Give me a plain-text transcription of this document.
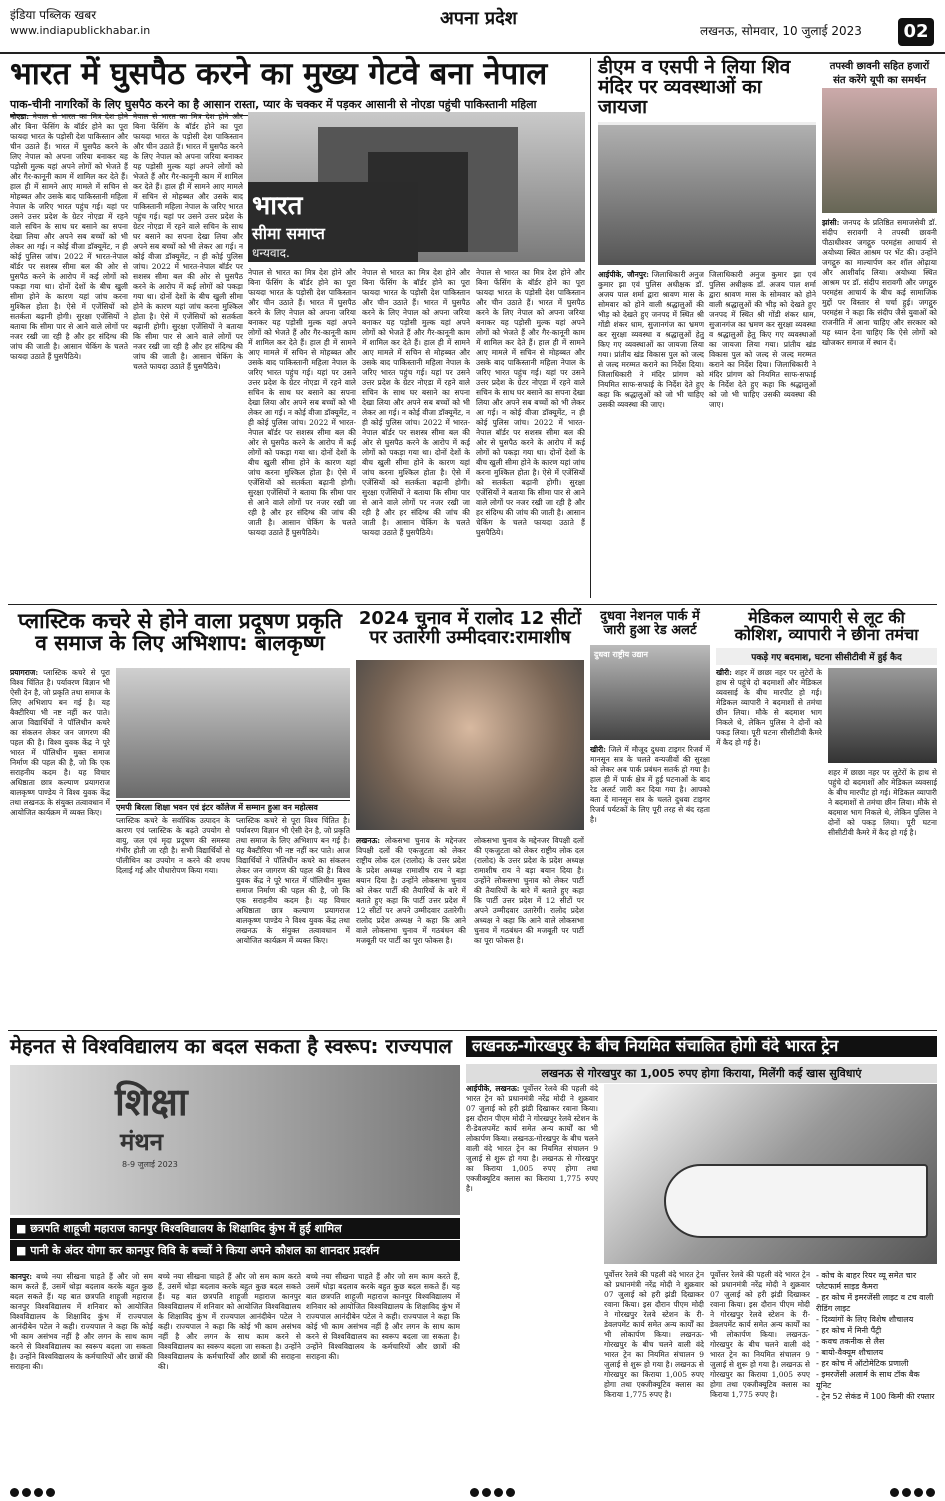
इंडिया पब्लिक खबर
www.indiapublickhabar.in
अपना प्रदेश
लखनऊ, सोमवार, 10 जुलाई 2023	02
भारत में घुसपैठ करने का मुख्य गेटवे बना नेपाल
पाक-चीनी नागरिकों के लिए घुसपैठ करने का है आसान रास्ता, प्यार के चक्कर में पड़कर आसानी से नोएडा पहुंची पाकिस्तानी महिला
नोएडा: नेपाल से भारत का मित्र देश होने और बिना फेंसिंग के बॉर्डर होने का पूरा फायदा भारत के पड़ोसी देश पाकिस्तान और चीन उठाते हैं। भारत में घुसपैठ करने के लिए नेपाल को अपना जरिया बनाकर यह पड़ोसी मुल्क यहां अपने लोगों को भेजते हैं और गैर-कानूनी काम में शामिल कर देते हैं। हाल ही में सामने आए मामले में सचिन से मोहब्बत और उसके बाद पाकिस्तानी महिला नेपाल के जरिए भारत पहुंच गई। यहां पर उसने उत्तर प्रदेश के ग्रेटर नोएडा में रहने वाले सचिन के साथ घर बसाने का सपना देखा लिया और अपने सब बच्चों को भी लेकर आ गई। न कोई वीजा डॉक्यूमेंट, न ही कोई पुलिस जांच। 2022 में भारत-नेपाल बॉर्डर पर सशस्त्र सीमा बल की ओर से घुसपैठ करने के आरोप में कई लोगों को पकड़ा गया था। दोनों देशों के बीच खुली सीमा होने के कारण यहां जांच करना मुश्किल होता है। ऐसे में एजेंसियों को सतर्कता बढ़ानी होगी। सुरक्षा एजेंसियों ने बताया कि सीमा पार से आने वाले लोगों पर नजर रखी जा रही है और हर संदिग्ध की जांच की जाती है। आसान चेकिंग के चलते फायदा उठाते हैं घुसपैठिये।
नेपाल से भारत का मित्र देश होने और बिना फेंसिंग के बॉर्डर होने का पूरा फायदा भारत के पड़ोसी देश पाकिस्तान और चीन उठाते हैं। भारत में घुसपैठ करने के लिए नेपाल को अपना जरिया बनाकर यह पड़ोसी मुल्क यहां अपने लोगों को भेजते हैं और गैर-कानूनी काम में शामिल कर देते हैं। हाल ही में सामने आए मामले में सचिन से मोहब्बत और उसके बाद पाकिस्तानी महिला नेपाल के जरिए भारत पहुंच गई। यहां पर उसने उत्तर प्रदेश के ग्रेटर नोएडा में रहने वाले सचिन के साथ घर बसाने का सपना देखा लिया और अपने सब बच्चों को भी लेकर आ गई। न कोई वीजा डॉक्यूमेंट, न ही कोई पुलिस जांच। 2022 में भारत-नेपाल बॉर्डर पर सशस्त्र सीमा बल की ओर से घुसपैठ करने के आरोप में कई लोगों को पकड़ा गया था। दोनों देशों के बीच खुली सीमा होने के कारण यहां जांच करना मुश्किल होता है। ऐसे में एजेंसियों को सतर्कता बढ़ानी होगी। सुरक्षा एजेंसियों ने बताया कि सीमा पार से आने वाले लोगों पर नजर रखी जा रही है और हर संदिग्ध की जांच की जाती है। आसान चेकिंग के चलते फायदा उठाते हैं घुसपैठिये।
भारत
सीमा समाप्त
धन्यवाद.
नेपाल से भारत का मित्र देश होने और बिना फेंसिंग के बॉर्डर होने का पूरा फायदा भारत के पड़ोसी देश पाकिस्तान और चीन उठाते हैं। भारत में घुसपैठ करने के लिए नेपाल को अपना जरिया बनाकर यह पड़ोसी मुल्क यहां अपने लोगों को भेजते हैं और गैर-कानूनी काम में शामिल कर देते हैं। हाल ही में सामने आए मामले में सचिन से मोहब्बत और उसके बाद पाकिस्तानी महिला नेपाल के जरिए भारत पहुंच गई। यहां पर उसने उत्तर प्रदेश के ग्रेटर नोएडा में रहने वाले सचिन के साथ घर बसाने का सपना देखा लिया और अपने सब बच्चों को भी लेकर आ गई। न कोई वीजा डॉक्यूमेंट, न ही कोई पुलिस जांच। 2022 में भारत-नेपाल बॉर्डर पर सशस्त्र सीमा बल की ओर से घुसपैठ करने के आरोप में कई लोगों को पकड़ा गया था। दोनों देशों के बीच खुली सीमा होने के कारण यहां जांच करना मुश्किल होता है। ऐसे में एजेंसियों को सतर्कता बढ़ानी होगी। सुरक्षा एजेंसियों ने बताया कि सीमा पार से आने वाले लोगों पर नजर रखी जा रही है और हर संदिग्ध की जांच की जाती है। आसान चेकिंग के चलते फायदा उठाते हैं घुसपैठिये।
नेपाल से भारत का मित्र देश होने और बिना फेंसिंग के बॉर्डर होने का पूरा फायदा भारत के पड़ोसी देश पाकिस्तान और चीन उठाते हैं। भारत में घुसपैठ करने के लिए नेपाल को अपना जरिया बनाकर यह पड़ोसी मुल्क यहां अपने लोगों को भेजते हैं और गैर-कानूनी काम में शामिल कर देते हैं। हाल ही में सामने आए मामले में सचिन से मोहब्बत और उसके बाद पाकिस्तानी महिला नेपाल के जरिए भारत पहुंच गई। यहां पर उसने उत्तर प्रदेश के ग्रेटर नोएडा में रहने वाले सचिन के साथ घर बसाने का सपना देखा लिया और अपने सब बच्चों को भी लेकर आ गई। न कोई वीजा डॉक्यूमेंट, न ही कोई पुलिस जांच। 2022 में भारत-नेपाल बॉर्डर पर सशस्त्र सीमा बल की ओर से घुसपैठ करने के आरोप में कई लोगों को पकड़ा गया था। दोनों देशों के बीच खुली सीमा होने के कारण यहां जांच करना मुश्किल होता है। ऐसे में एजेंसियों को सतर्कता बढ़ानी होगी। सुरक्षा एजेंसियों ने बताया कि सीमा पार से आने वाले लोगों पर नजर रखी जा रही है और हर संदिग्ध की जांच की जाती है। आसान चेकिंग के चलते फायदा उठाते हैं घुसपैठिये।
नेपाल से भारत का मित्र देश होने और बिना फेंसिंग के बॉर्डर होने का पूरा फायदा भारत के पड़ोसी देश पाकिस्तान और चीन उठाते हैं। भारत में घुसपैठ करने के लिए नेपाल को अपना जरिया बनाकर यह पड़ोसी मुल्क यहां अपने लोगों को भेजते हैं और गैर-कानूनी काम में शामिल कर देते हैं। हाल ही में सामने आए मामले में सचिन से मोहब्बत और उसके बाद पाकिस्तानी महिला नेपाल के जरिए भारत पहुंच गई। यहां पर उसने उत्तर प्रदेश के ग्रेटर नोएडा में रहने वाले सचिन के साथ घर बसाने का सपना देखा लिया और अपने सब बच्चों को भी लेकर आ गई। न कोई वीजा डॉक्यूमेंट, न ही कोई पुलिस जांच। 2022 में भारत-नेपाल बॉर्डर पर सशस्त्र सीमा बल की ओर से घुसपैठ करने के आरोप में कई लोगों को पकड़ा गया था। दोनों देशों के बीच खुली सीमा होने के कारण यहां जांच करना मुश्किल होता है। ऐसे में एजेंसियों को सतर्कता बढ़ानी होगी। सुरक्षा एजेंसियों ने बताया कि सीमा पार से आने वाले लोगों पर नजर रखी जा रही है और हर संदिग्ध की जांच की जाती है। आसान चेकिंग के चलते फायदा उठाते हैं घुसपैठिये।
डीएम व एसपी ने लिया शिव मंदिर पर व्यवस्थाओं का जायजा
आईपीके, जौनपुर: जिलाधिकारी अनुज कुमार झा एवं पुलिस अधीक्षक डॉ. अजय पाल शर्मा द्वारा श्रावण मास के सोमवार को होने वाली श्रद्धालुओं की भीड़ को देखते हुए जनपद में स्थित श्री गोंडी शंकर धाम, सुजानगंज का भ्रमण कर सुरक्षा व्यवस्था व श्रद्धालुओं हेतु किए गए व्यवस्थाओं का जायजा लिया गया। प्रांतीय खंड विकास पुल को जल्द से जल्द मरम्मत कराने का निर्देश दिया। जिलाधिकारी ने मंदिर प्रांगण को नियमित साफ-सफाई के निर्देश देते हुए कहा कि श्रद्धालुओं को जो भी चाहिए उसकी व्यवस्था की जाए।
जिलाधिकारी अनुज कुमार झा एवं पुलिस अधीक्षक डॉ. अजय पाल शर्मा द्वारा श्रावण मास के सोमवार को होने वाली श्रद्धालुओं की भीड़ को देखते हुए जनपद में स्थित श्री गोंडी शंकर धाम, सुजानगंज का भ्रमण कर सुरक्षा व्यवस्था व श्रद्धालुओं हेतु किए गए व्यवस्थाओं का जायजा लिया गया। प्रांतीय खंड विकास पुल को जल्द से जल्द मरम्मत कराने का निर्देश दिया। जिलाधिकारी ने मंदिर प्रांगण को नियमित साफ-सफाई के निर्देश देते हुए कहा कि श्रद्धालुओं को जो भी चाहिए उसकी व्यवस्था की जाए।
तपस्वी छावनी सहित हजारों संत करेंगे यूपी का समर्थन
झांसी: जनपद के प्रतिष्ठित समाजसेवी डॉ. संदीप सरावगी ने तपस्वी छावनी पीठाधीश्वर जगद्गुरु परमहंस आचार्य से अयोध्या स्थित आश्रम पर भेंट की। उन्होंने जगद्गुरु का माल्यार्पण कर शॉल ओढ़ाया और आशीर्वाद लिया। अयोध्या स्थित आश्रम पर डॉ. संदीप सरावगी और जगद्गुरु परमहंस आचार्य के बीच कई सामाजिक मुद्दों पर विस्तार से चर्चा हुई। जगद्गुरु परमहंस ने कहा कि संदीप जैसे युवाओं को राजनीति में आना चाहिए और सरकार को यह ध्यान देना चाहिए कि ऐसे लोगों को खोजकर समाज में स्थान दें।
प्लास्टिक कचरे से होने वाला प्रदूषण प्रकृति
व समाज के लिए अभिशाप: बालकृष्ण
प्रयागराज: प्लास्टिक कचरे से पूरा विश्व चिंतित है। पर्यावरण विज्ञान भी ऐसी देन है, जो प्रकृति तथा समाज के लिए अभिशाप बन गई है। यह बैक्टीरिया भी नष्ट नहीं कर पाते। आज विद्यार्थियों ने पॉलिथीन कचरे का संकलन लेकर जन जागरण की पहल की है। विश्व युवक केंद्र ने पूरे भारत में पॉलिथीन मुक्त समाज निर्माण की पहल की है, जो कि एक सराहनीय कदम है। यह विचार अधिष्ठाता छात्र कल्याण प्रयागराज बालकृष्ण पाण्डेय ने विश्व युवक केंद्र तथा लखनऊ के संयुक्त तत्वावधान में आयोजित कार्यक्रम में व्यक्त किए।
एमपी बिरला शिक्षा भवन एवं इंटर कॉलेज में सम्मान हुआ वन महोत्सव
प्लास्टिक कचरे के सर्वाधिक उत्पादन के कारण एवं प्लास्टिक के बढ़ते उपयोग से वायु, जल एवं मृदा प्रदूषण की समस्या गंभीर होती जा रही है। सभी विद्यार्थियों से पॉलीथिन का उपयोग न करने की शपथ दिलाई गई और पौधारोपण किया गया।
प्लास्टिक कचरे से पूरा विश्व चिंतित है। पर्यावरण विज्ञान भी ऐसी देन है, जो प्रकृति तथा समाज के लिए अभिशाप बन गई है। यह बैक्टीरिया भी नष्ट नहीं कर पाते। आज विद्यार्थियों ने पॉलिथीन कचरे का संकलन लेकर जन जागरण की पहल की है। विश्व युवक केंद्र ने पूरे भारत में पॉलिथीन मुक्त समाज निर्माण की पहल की है, जो कि एक सराहनीय कदम है। यह विचार अधिष्ठाता छात्र कल्याण प्रयागराज बालकृष्ण पाण्डेय ने विश्व युवक केंद्र तथा लखनऊ के संयुक्त तत्वावधान में आयोजित कार्यक्रम में व्यक्त किए।
2024 चुनाव में रालोद 12 सीटों
पर उतारेगी उम्मीदवार:रामाशीष
लखनऊ: लोकसभा चुनाव के मद्देनजर विपक्षी दलों की एकजुटता को लेकर राष्ट्रीय लोक दल (रालोद) के उत्तर प्रदेश के प्रदेश अध्यक्ष रामाशीष राय ने बड़ा बयान दिया है। उन्होंने लोकसभा चुनाव को लेकर पार्टी की तैयारियों के बारे में बताते हुए कहा कि पार्टी उत्तर प्रदेश में 12 सीटों पर अपने उम्मीदवार उतारेगी। रालोद प्रदेश अध्यक्ष ने कहा कि आने वाले लोकसभा चुनाव में गठबंधन की मजबूती पर पार्टी का पूरा फोकस है।
लोकसभा चुनाव के मद्देनजर विपक्षी दलों की एकजुटता को लेकर राष्ट्रीय लोक दल (रालोद) के उत्तर प्रदेश के प्रदेश अध्यक्ष रामाशीष राय ने बड़ा बयान दिया है। उन्होंने लोकसभा चुनाव को लेकर पार्टी की तैयारियों के बारे में बताते हुए कहा कि पार्टी उत्तर प्रदेश में 12 सीटों पर अपने उम्मीदवार उतारेगी। रालोद प्रदेश अध्यक्ष ने कहा कि आने वाले लोकसभा चुनाव में गठबंधन की मजबूती पर पार्टी का पूरा फोकस है।
दुधवा नेशनल पार्क में
जारी हुआ रेड अलर्ट
दुधवा राष्ट्रीय उद्यान
खीरी: जिले में मौजूद दुधवा टाइगर रिजर्व में मानसून सत्र के चलते वन्यजीवों की सुरक्षा को लेकर अब पार्क प्रबंधन सतर्क हो गया है। हाल ही में पार्क क्षेत्र में हुई घटनाओं के बाद रेड अलर्ट जारी कर दिया गया है। आपको बता दें मानसून सत्र के चलते दुधवा टाइगर रिजर्व पर्यटकों के लिए पूरी तरह से बंद रहता है।
मेडिकल व्यापारी से लूट की
कोशिश, व्यापारी ने छीना तमंचा
पकड़े गए बदमाश, घटना सीसीटीवी में हुई कैद
खीरी: शहर में छाछा नहर पर लुटेरों के हाथ से पहुंचे दो बदमाशों और मेडिकल व्यवसाई के बीच मारपीट हो गई। मेडिकल व्यापारी ने बदमाशों से तमंचा छीन लिया। मौके से बदमाश भाग निकले थे, लेकिन पुलिस ने दोनों को पकड़ लिया। पूरी घटना सीसीटीवी कैमरे में कैद हो गई है।
शहर में छाछा नहर पर लुटेरों के हाथ से पहुंचे दो बदमाशों और मेडिकल व्यवसाई के बीच मारपीट हो गई। मेडिकल व्यापारी ने बदमाशों से तमंचा छीन लिया। मौके से बदमाश भाग निकले थे, लेकिन पुलिस ने दोनों को पकड़ लिया। पूरी घटना सीसीटीवी कैमरे में कैद हो गई है।
मेहनत से विश्वविद्यालय का बदल सकता है स्वरूप: राज्यपाल
शिक्षा
मंथन
8-9 जुलाई 2023
■ छत्रपति शाहूजी महाराज कानपुर विश्वविद्यालय के शिक्षाविद कुंभ में हुई शामिल
■ पानी के अंदर योगा कर कानपुर विवि के बच्चों ने किया अपने कौशल का शानदार प्रदर्शन
कानपुर: बच्चे नया सीखना चाहते हैं और जो सम काम करते हैं, उसमें थोड़ा बदलाव करके बहुत कुछ बदल सकते हैं। यह बात छत्रपति शाहूजी महाराज कानपुर विश्वविद्यालय में शनिवार को आयोजित विश्वविद्यालय के शिक्षाविद कुंभ में राज्यपाल आनंदीबेन पटेल ने कही। राज्यपाल ने कहा कि कोई भी काम असंभव नहीं है और लगन के साथ काम करने से विश्वविद्यालय का स्वरूप बदला जा सकता है। उन्होंने विश्वविद्यालय के कर्मचारियों और छात्रों की सराहना की।
बच्चे नया सीखना चाहते हैं और जो सम काम करते हैं, उसमें थोड़ा बदलाव करके बहुत कुछ बदल सकते हैं। यह बात छत्रपति शाहूजी महाराज कानपुर विश्वविद्यालय में शनिवार को आयोजित विश्वविद्यालय के शिक्षाविद कुंभ में राज्यपाल आनंदीबेन पटेल ने कही। राज्यपाल ने कहा कि कोई भी काम असंभव नहीं है और लगन के साथ काम करने से विश्वविद्यालय का स्वरूप बदला जा सकता है। उन्होंने विश्वविद्यालय के कर्मचारियों और छात्रों की सराहना की।
बच्चे नया सीखना चाहते हैं और जो सम काम करते हैं, उसमें थोड़ा बदलाव करके बहुत कुछ बदल सकते हैं। यह बात छत्रपति शाहूजी महाराज कानपुर विश्वविद्यालय में शनिवार को आयोजित विश्वविद्यालय के शिक्षाविद कुंभ में राज्यपाल आनंदीबेन पटेल ने कही। राज्यपाल ने कहा कि कोई भी काम असंभव नहीं है और लगन के साथ काम करने से विश्वविद्यालय का स्वरूप बदला जा सकता है। उन्होंने विश्वविद्यालय के कर्मचारियों और छात्रों की सराहना की।
लखनऊ-गोरखपुर के बीच नियमित संचालित होगी वंदे भारत ट्रेन
लखनऊ से गोरखपुर का 1,005 रुपए होगा किराया, मिलेंगी कई खास सुविधाएं
आईपीके, लखनऊ: पूर्वोत्तर रेलवे की पहली वंदे भारत ट्रेन को प्रधानमंत्री नरेंद्र मोदी ने शुक्रवार 07 जुलाई को हरी झंडी दिखाकर रवाना किया। इस दौरान पीएम मोदी ने गोरखपुर रेलवे स्टेशन के री-डेवलपमेंट कार्य समेत अन्य कार्यों का भी लोकार्पण किया। लखनऊ-गोरखपुर के बीच चलने वाली वंदे भारत ट्रेन का नियमित संचालन 9 जुलाई से शुरू हो गया है। लखनऊ से गोरखपुर का किराया 1,005 रुपए होगा तथा एक्जीक्यूटिव क्लास का किराया 1,775 रुपए है।
पूर्वोत्तर रेलवे की पहली वंदे भारत ट्रेन को प्रधानमंत्री नरेंद्र मोदी ने शुक्रवार 07 जुलाई को हरी झंडी दिखाकर रवाना किया। इस दौरान पीएम मोदी ने गोरखपुर रेलवे स्टेशन के री-डेवलपमेंट कार्य समेत अन्य कार्यों का भी लोकार्पण किया। लखनऊ-गोरखपुर के बीच चलने वाली वंदे भारत ट्रेन का नियमित संचालन 9 जुलाई से शुरू हो गया है। लखनऊ से गोरखपुर का किराया 1,005 रुपए होगा तथा एक्जीक्यूटिव क्लास का किराया 1,775 रुपए है।
पूर्वोत्तर रेलवे की पहली वंदे भारत ट्रेन को प्रधानमंत्री नरेंद्र मोदी ने शुक्रवार 07 जुलाई को हरी झंडी दिखाकर रवाना किया। इस दौरान पीएम मोदी ने गोरखपुर रेलवे स्टेशन के री-डेवलपमेंट कार्य समेत अन्य कार्यों का भी लोकार्पण किया। लखनऊ-गोरखपुर के बीच चलने वाली वंदे भारत ट्रेन का नियमित संचालन 9 जुलाई से शुरू हो गया है। लखनऊ से गोरखपुर का किराया 1,005 रुपए होगा तथा एक्जीक्यूटिव क्लास का किराया 1,775 रुपए है।
- कोच के बाहर रियर व्यू समेत चार प्लेटफार्म साइड कैमरा
- हर कोच में इमरजेंसी लाइट व टच वाली रीडिंग लाइट
- दिव्यांगों के लिए विशेष शौचालय
- हर कोच में मिनी पैंट्री
- कवच तकनीक से लैस
- बायो-वैक्यूम शौचालय
- हर कोच में ऑटोमेटिक प्रणाली
- इमरजेंसी अलार्म के साथ टॉक बैक यूनिट
- ट्रेन 52 सेकंड में 100 किमी की रफ्तार
